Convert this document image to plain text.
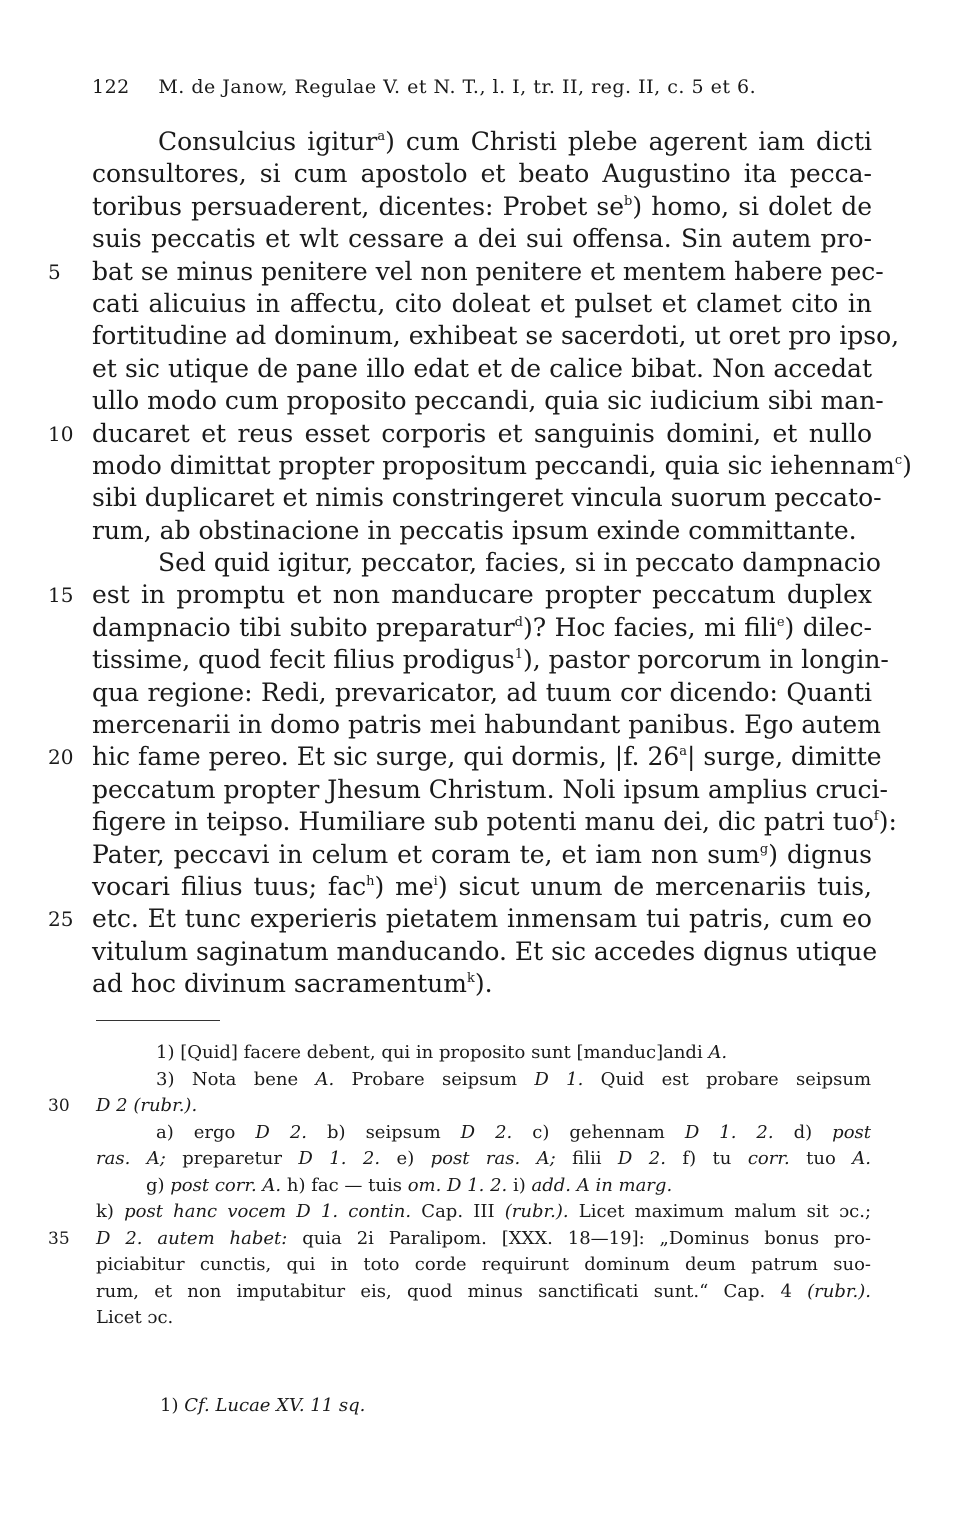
122 M. de Janow, Regulae V. et N. T., l. I, tr. II, reg. II, c. 5 et 6.
Consulcius igitur$^a$) cum Christi plebe agerent iam dicti
consultores, si cum apostolo et beato Augustino ita pecca-
toribus persuaderent, dicentes: Probet $se^b$) homo, si dolet de
suis peccatis et wlt cessare a dei sui offensa. Sin autem pro-
5	bat se minus penitere vel non penitere et mentem habere pec-
cati alicuius in affectu, cito doleat et pulset et clamet cito in
fortitudine ad dominum, exhibeat se sacerdoti, ut oret pro ipso,
et sic utique de pane illo edat et de calice bibat. Non accedat
ullo modo cum proposito peccandi, quia sic iudicium sibi man-
10 ducaret et reus esset corporis et sanguinis domini, et nullo
modo dimittat propter propositum peccandi, quia sic iehennam$^c$)
sibi duplicaret et nimis constringeret vincula suorum peccato-
rum, ab obstinacione in peccatis ipsum exinde committante.
Sed quid igitur, peccator, facies, si in peccato dampnacio
15 est in promptu et non manducare propter peccatum duplex
dampnacio tibi subito preparatur$^d$)? Hoc facies, mi fili$^e$) dilec-
tissime, quod fecit filius prodigus$^1$), pastor porcorum in longin-
qua regione: Redi, prevaricator, ad tuum cor dicendo: Quanti
mercenarii in domo patris mei habundant panibus. Ego autem
20 hic fame pereo. Et sic surge, qui dormis, |f. 26$^a$| surge, dimitte
peccatum propter Jhesum Christum. Noli ipsum amplius cruci-
figere in teipso. Humiliare sub potenti manu dei, dic patri tuo$^f$):
Pater, peccavi in celum et coram te, et iam non sum$^g$) dignus
vocari filius tuus; fac$^h$) $me^i$) sicut unum de mercenariis tuis,
25 etc. Et tunc experieris pietatem inmensam tui patris, cum eo
vitulum saginatum manducando. Et sic accedes dignus utique
ad hoc divinum sacramentum$^k$).
1) [Quid] facere debent, qui in proposito sunt [manduc]andi A.
3) Nota bene A. Probare seipsum D 1. Quid est probare seipsum
30	D 2 (rubr.).
a) ergo D 2. b) seipsum D 2. c) gehennam D 1. 2. d) post
ras. A; preparetur D 1. 2. e) post ras. A; filii D 2. f) tu corr. tuo A.
g) post corr. A. h) fac — tuis om. D 1. 2. i) add. A in marg.
k) post hanc vocem D 1. contin. Cap. III (rubr.). Licet maximum malum sit ɔc.;
35	D 2. autem habet: quia 2i Paralipom. [XXX. 18—19]: „Dominus bonus pro-
piciabitur cunctis, qui in toto corde requirunt dominum deum patrum suo-
rum, et non imputabitur eis, quod minus sanctificati sunt.“ Cap. 4 (rubr.).
Licet ɔc.
1) Cf. Lucae XV. 11 sq.
